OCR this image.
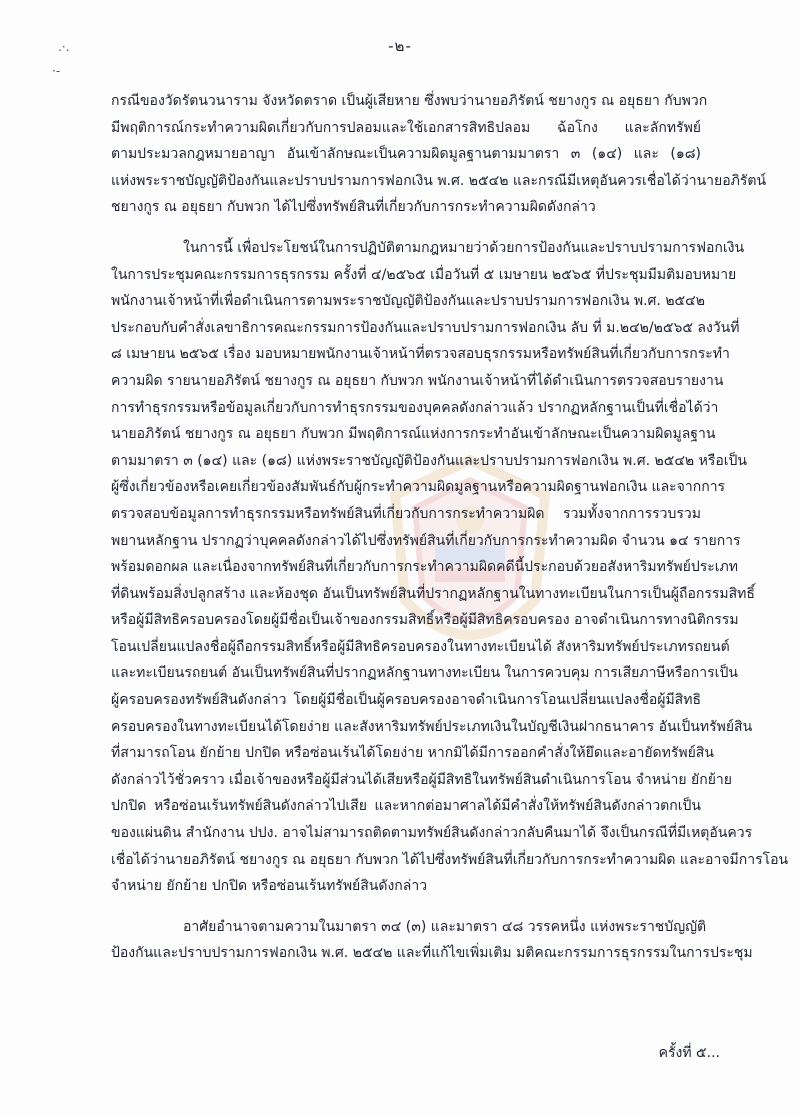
.·.
·‑
-๒-
กรณีของวัดรัตนวนาราม จังหวัดตราด เป็นผู้เสียหาย ซึ่งพบว่านายอภิรัตน์ ชยางกูร ณ อยุธยา กับพวก
มีพฤติการณ์กระทำความผิดเกี่ยวกับการปลอมและใช้เอกสารสิทธิปลอม ฉ้อโกง และลักทรัพย์
ตามประมวลกฎหมายอาญา อันเข้าลักษณะเป็นความผิดมูลฐานตามมาตรา ๓ (๑๔) และ (๑๘)
แห่งพระราชบัญญัติป้องกันและปราบปรามการฟอกเงิน พ.ศ. ๒๕๔๒ และกรณีมีเหตุอันควรเชื่อได้ว่านายอภิรัตน์
ชยางกูร ณ อยุธยา กับพวก ได้ไปซึ่งทรัพย์สินที่เกี่ยวกับการกระทำความผิดดังกล่าว
ในการนี้ เพื่อประโยชน์ในการปฏิบัติตามกฎหมายว่าด้วยการป้องกันและปราบปรามการฟอกเงิน
ในการประชุมคณะกรรมการธุรกรรม ครั้งที่ ๔/๒๕๖๕ เมื่อวันที่ ๕ เมษายน ๒๕๖๕ ที่ประชุมมีมติมอบหมาย
พนักงานเจ้าหน้าที่เพื่อดำเนินการตามพระราชบัญญัติป้องกันและปราบปรามการฟอกเงิน พ.ศ. ๒๕๔๒
ประกอบกับคำสั่งเลขาธิการคณะกรรมการป้องกันและปราบปรามการฟอกเงิน ลับ ที่ ม.๒๔๒/๒๕๖๕ ลงวันที่
๘ เมษายน ๒๕๖๕ เรื่อง มอบหมายพนักงานเจ้าหน้าที่ตรวจสอบธุรกรรมหรือทรัพย์สินที่เกี่ยวกับการกระทำ
ความผิด รายนายอภิรัตน์ ชยางกูร ณ อยุธยา กับพวก พนักงานเจ้าหน้าที่ได้ดำเนินการตรวจสอบรายงาน
การทำธุรกรรมหรือข้อมูลเกี่ยวกับการทำธุรกรรมของบุคคลดังกล่าวแล้ว ปรากฏหลักฐานเป็นที่เชื่อได้ว่า
นายอภิรัตน์ ชยางกูร ณ อยุธยา กับพวก มีพฤติการณ์แห่งการกระทำอันเข้าลักษณะเป็นความผิดมูลฐาน
ตามมาตรา ๓ (๑๔) และ (๑๘) แห่งพระราชบัญญัติป้องกันและปราบปรามการฟอกเงิน พ.ศ. ๒๕๔๒ หรือเป็น
ผู้ซึ่งเกี่ยวข้องหรือเคยเกี่ยวข้องสัมพันธ์กับผู้กระทำความผิดมูลฐานหรือความผิดฐานฟอกเงิน และจากการ
ตรวจสอบข้อมูลการทำธุรกรรมหรือทรัพย์สินที่เกี่ยวกับการกระทำความผิด รวมทั้งจากการรวบรวม
พยานหลักฐาน ปรากฏว่าบุคคลดังกล่าวได้ไปซึ่งทรัพย์สินที่เกี่ยวกับการกระทำความผิด จำนวน ๑๔ รายการ
พร้อมดอกผล และเนื่องจากทรัพย์สินที่เกี่ยวกับการกระทำความผิดคดีนี้ประกอบด้วยอสังหาริมทรัพย์ประเภท
ที่ดินพร้อมสิ่งปลูกสร้าง และห้องชุด อันเป็นทรัพย์สินที่ปรากฏหลักฐานในทางทะเบียนในการเป็นผู้ถือกรรมสิทธิ์
หรือผู้มีสิทธิครอบครองโดยผู้มีชื่อเป็นเจ้าของกรรมสิทธิ์หรือผู้มีสิทธิครอบครอง อาจดำเนินการทางนิติกรรม
โอนเปลี่ยนแปลงชื่อผู้ถือกรรมสิทธิ์หรือผู้มีสิทธิครอบครองในทางทะเบียนได้ สังหาริมทรัพย์ประเภทรถยนต์
และทะเบียนรถยนต์ อันเป็นทรัพย์สินที่ปรากฏหลักฐานทางทะเบียน ในการควบคุม การเสียภาษีหรือการเป็น
ผู้ครอบครองทรัพย์สินดังกล่าว โดยผู้มีชื่อเป็นผู้ครอบครองอาจดำเนินการโอนเปลี่ยนแปลงชื่อผู้มีสิทธิ
ครอบครองในทางทะเบียนได้โดยง่าย และสังหาริมทรัพย์ประเภทเงินในบัญชีเงินฝากธนาคาร อันเป็นทรัพย์สิน
ที่สามารถโอน ยักย้าย ปกปิด หรือซ่อนเร้นได้โดยง่าย หากมิได้มีการออกคำสั่งให้ยึดและอายัดทรัพย์สิน
ดังกล่าวไว้ชั่วคราว เมื่อเจ้าของหรือผู้มีส่วนได้เสียหรือผู้มีสิทธิในทรัพย์สินดำเนินการโอน จำหน่าย ยักย้าย
ปกปิด หรือซ่อนเร้นทรัพย์สินดังกล่าวไปเสีย และหากต่อมาศาลได้มีคำสั่งให้ทรัพย์สินดังกล่าวตกเป็น
ของแผ่นดิน สำนักงาน ปปง. อาจไม่สามารถติดตามทรัพย์สินดังกล่าวกลับคืนมาได้ จึงเป็นกรณีที่มีเหตุอันควร
เชื่อได้ว่านายอภิรัตน์ ชยางกูร ณ อยุธยา กับพวก ได้ไปซึ่งทรัพย์สินที่เกี่ยวกับการกระทำความผิด และอาจมีการโอน
จำหน่าย ยักย้าย ปกปิด หรือซ่อนเร้นทรัพย์สินดังกล่าว
อาศัยอำนาจตามความในมาตรา ๓๔ (๓) และมาตรา ๔๘ วรรคหนึ่ง แห่งพระราชบัญญัติ
ป้องกันและปราบปรามการฟอกเงิน พ.ศ. ๒๕๔๒ และที่แก้ไขเพิ่มเติม มติคณะกรรมการธุรกรรมในการประชุม
ครั้งที่ ๕...
